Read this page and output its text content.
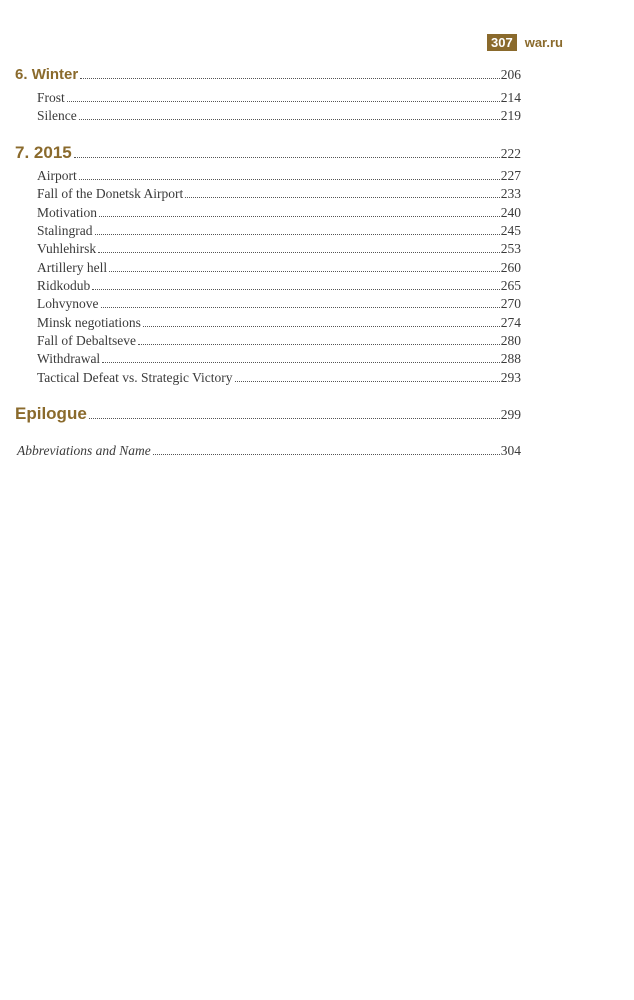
307 war.ru
6. Winter	206
Frost	214
Silence	219
7. 2015	222
Airport	227
Fall of the Donetsk Airport	233
Motivation	240
Stalingrad	245
Vuhlehirsk	253
Artillery hell	260
Ridkodub	265
Lohvynove	270
Minsk negotiations	274
Fall of Debaltseve	280
Withdrawal	288
Tactical Defeat vs. Strategic Victory	293
Epilogue	299
Abbreviations and Name	304
